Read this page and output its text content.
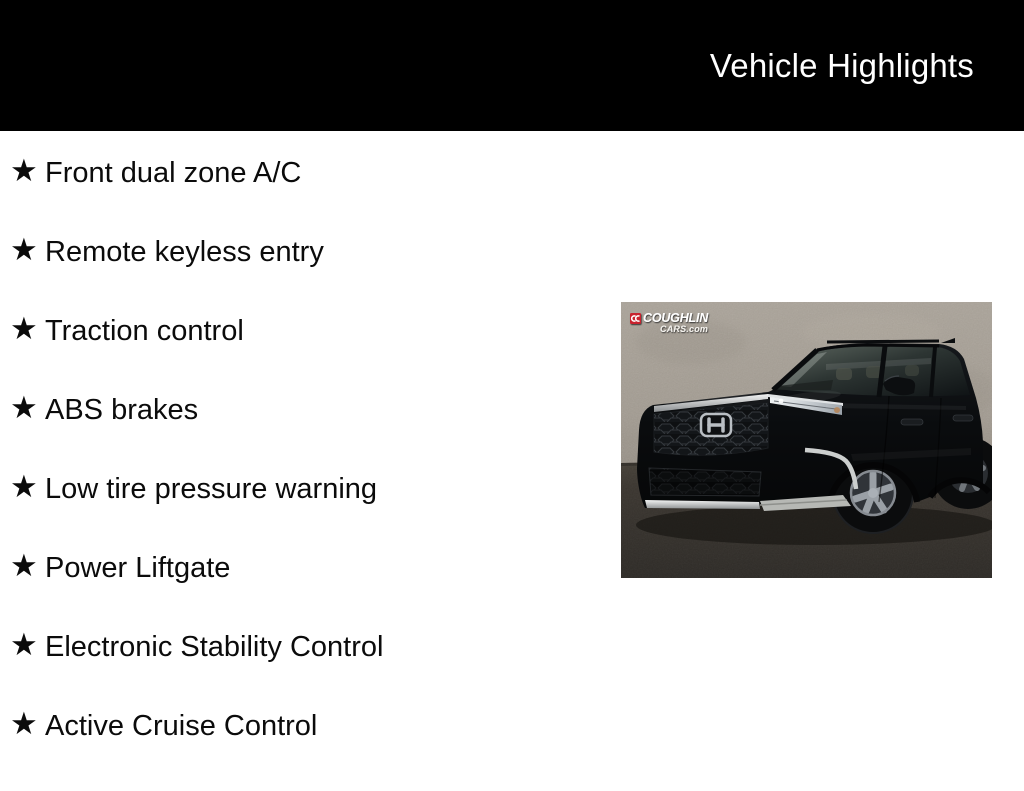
Vehicle Highlights
★ Front dual zone A/C
★ Remote keyless entry
★ Traction control
★ ABS brakes
★ Low tire pressure warning
★ Power Liftgate
★ Electronic Stability Control
★ Active Cruise Control
COUGHLIN
CARS.com
